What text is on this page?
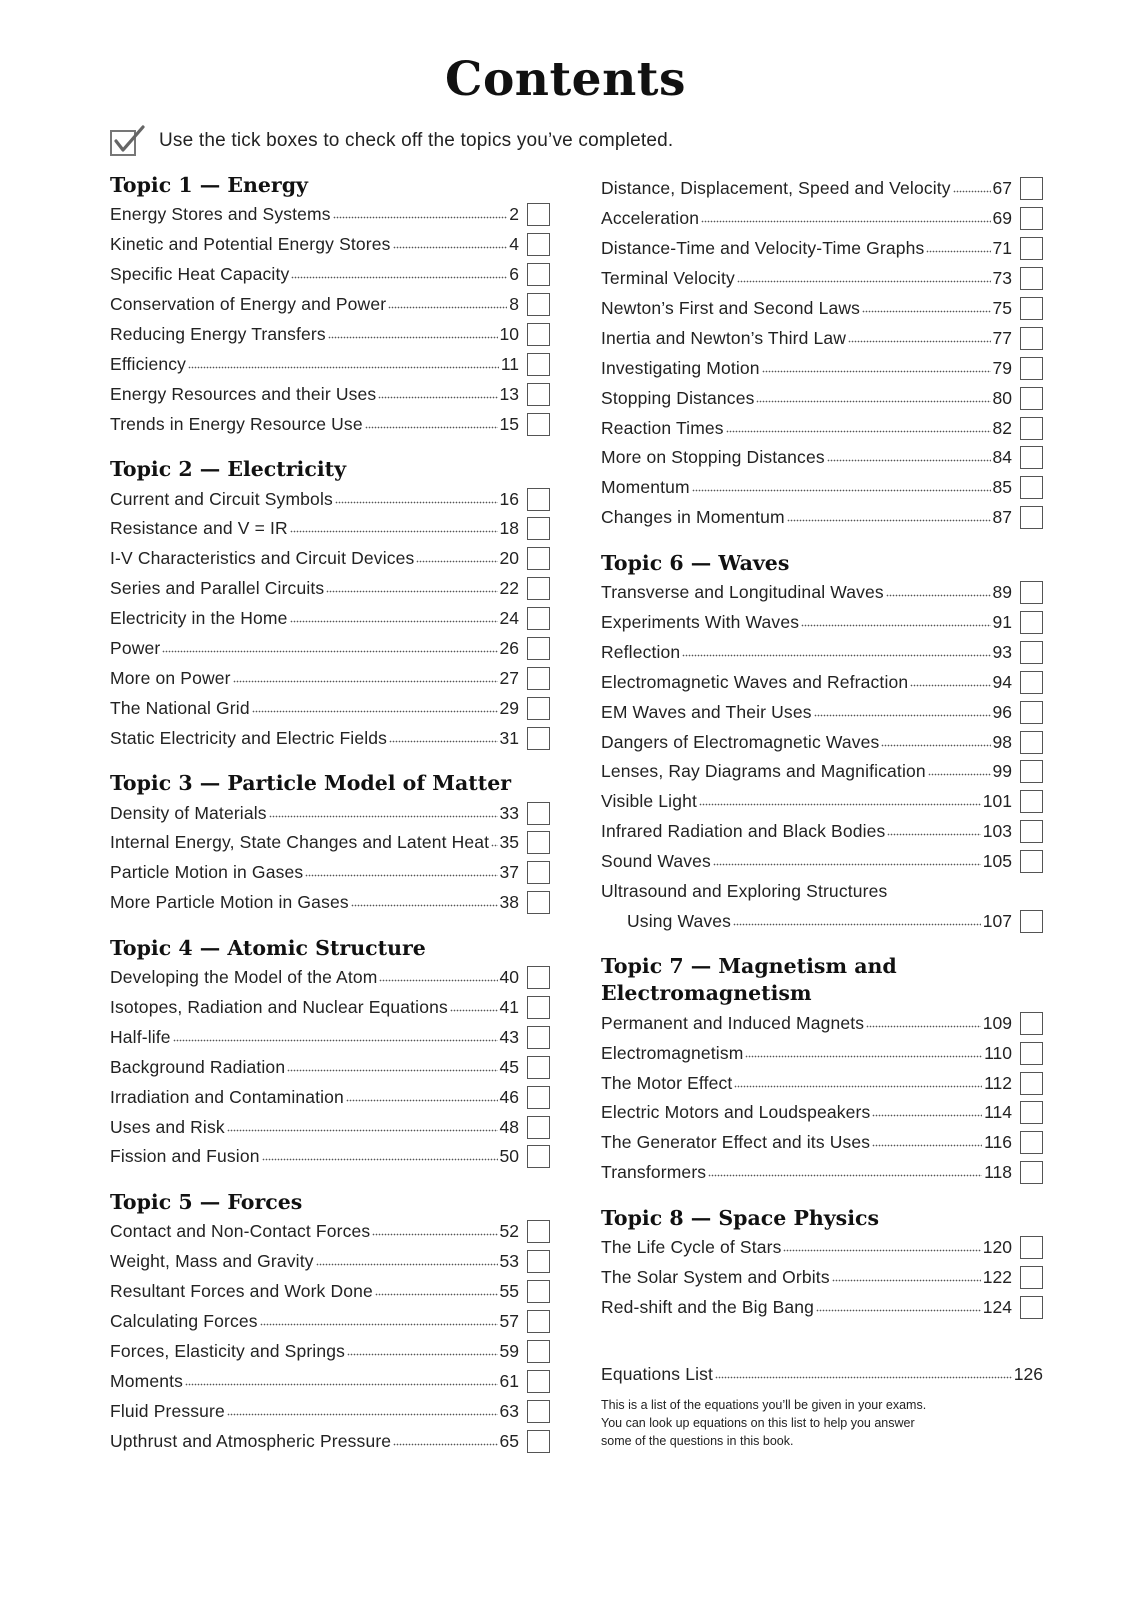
Contents
Use the tick boxes to check off the topics you’ve completed.
Topic 1 — Energy
Energy Stores and Systems	2
Kinetic and Potential Energy Stores	4
Specific Heat Capacity	6
Conservation of Energy and Power	8
Reducing Energy Transfers	10
Efficiency	11
Energy Resources and their Uses	13
Trends in Energy Resource Use	15
Topic 2 — Electricity
Current and Circuit Symbols	16
Resistance and V = IR	18
I-V Characteristics and Circuit Devices	20
Series and Parallel Circuits	22
Electricity in the Home	24
Power	26
More on Power	27
The National Grid	29
Static Electricity and Electric Fields	31
Topic 3 — Particle Model of Matter
Density of Materials	33
Internal Energy, State Changes and Latent Heat 35
Particle Motion in Gases	37
More Particle Motion in Gases	38
Topic 4 — Atomic Structure
Developing the Model of the Atom	40
Isotopes, Radiation and Nuclear Equations	41
Half-life	43
Background Radiation	45
Irradiation and Contamination	46
Uses and Risk	48
Fission and Fusion	50
Topic 5 — Forces
Contact and Non-Contact Forces	52
Weight, Mass and Gravity	53
Resultant Forces and Work Done	55
Calculating Forces	57
Forces, Elasticity and Springs	59
Moments	61
Fluid Pressure	63
Upthrust and Atmospheric Pressure	65
Distance, Displacement, Speed and Velocity 67
Acceleration	69
Distance-Time and Velocity-Time Graphs	71
Terminal Velocity	73
Newton’s First and Second Laws	75
Inertia and Newton’s Third Law	77
Investigating Motion	79
Stopping Distances	80
Reaction Times	82
More on Stopping Distances	84
Momentum	85
Changes in Momentum	87
Topic 6 — Waves
Transverse and Longitudinal Waves	89
Experiments With Waves	91
Reflection	93
Electromagnetic Waves and Refraction	94
EM Waves and Their Uses	96
Dangers of Electromagnetic Waves	98
Lenses, Ray Diagrams and Magnification	99
Visible Light	101
Infrared Radiation and Black Bodies	103
Sound Waves	105
Ultrasound and Exploring Structures
Using Waves	107
Topic 7 — Magnetism and
Electromagnetism
Permanent and Induced Magnets	109
Electromagnetism	110
The Motor Effect	112
Electric Motors and Loudspeakers	114
The Generator Effect and its Uses	116
Transformers	118
Topic 8 — Space Physics
The Life Cycle of Stars	120
The Solar System and Orbits	122
Red-shift and the Big Bang	124
Equations List	126
This is a list of the equations you’ll be given in your exams.
You can look up equations on this list to help you answer
some of the questions in this book.
